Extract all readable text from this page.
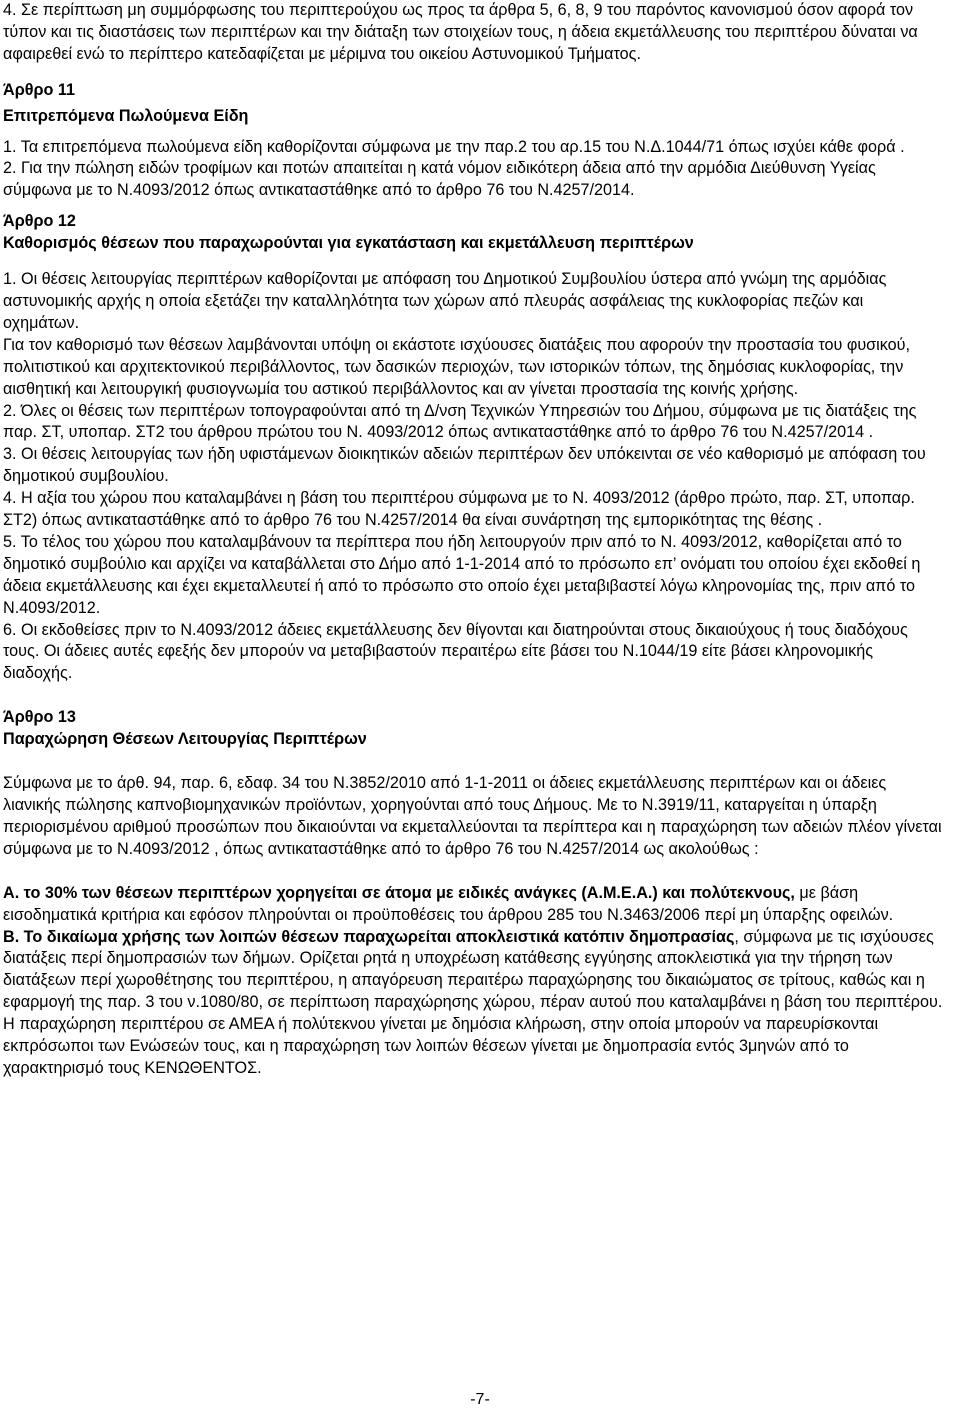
4. Σε περίπτωση μη συμμόρφωσης του περιπτερούχου ως προς τα άρθρα 5, 6, 8, 9 του παρόντος κανονισμού όσον αφορά τον τύπον και τις διαστάσεις των περιπτέρων και την διάταξη των στοιχείων τους, η άδεια εκμετάλλευσης του περιπτέρου δύναται να αφαιρεθεί ενώ το περίπτερο κατεδαφίζεται με μέριμνα του οικείου Αστυνομικού Τμήματος.

Άρθρο 11

Επιτρεπόμενα Πωλούμενα Είδη

1. Τα επιτρεπόμενα πωλούμενα είδη καθορίζονται σύμφωνα με την παρ.2 του αρ.15 του Ν.Δ.1044/71 όπως ισχύει κάθε φορά .

2. Για την πώληση ειδών τροφίμων και ποτών απαιτείται η κατά νόμον ειδικότερη άδεια από την αρμόδια Διεύθυνση Υγείας σύμφωνα με το Ν.4093/2012 όπως αντικαταστάθηκε από το άρθρο 76 του Ν.4257/2014.

Άρθρο 12

Καθορισμός θέσεων που παραχωρούνται για εγκατάσταση και εκμετάλλευση περιπτέρων

1. Οι θέσεις λειτουργίας περιπτέρων καθορίζονται με απόφαση του Δημοτικού Συμβουλίου ύστερα από γνώμη της αρμόδιας αστυνομικής αρχής η οποία εξετάζει την καταλληλότητα των χώρων από πλευράς ασφάλειας της κυκλοφορίας πεζών και οχημάτων.

Για τον καθορισμό των θέσεων λαμβάνονται υπόψη οι εκάστοτε ισχύουσες διατάξεις που αφορούν την προστασία του φυσικού, πολιτιστικού και αρχιτεκτονικού περιβάλλοντος, των δασικών περιοχών, των ιστορικών τόπων, της δημόσιας κυκλοφορίας, την αισθητική και λειτουργική φυσιογνωμία του αστικού περιβάλλοντος και αν γίνεται προστασία της κοινής χρήσης.

2. Όλες οι θέσεις των περιπτέρων τοπογραφούνται από τη Δ/νση Τεχνικών Υπηρεσιών του Δήμου, σύμφωνα με τις διατάξεις της παρ. ΣΤ, υποπαρ. ΣΤ2 του άρθρου πρώτου του Ν. 4093/2012 όπως αντικαταστάθηκε από το άρθρο 76 του Ν.4257/2014 .

3. Οι θέσεις λειτουργίας των ήδη υφιστάμενων διοικητικών αδειών περιπτέρων δεν υπόκεινται σε νέο καθορισμό με απόφαση του δημοτικού συμβουλίου.

4. Η αξία του χώρου που καταλαμβάνει η βάση του περιπτέρου σύμφωνα με το Ν. 4093/2012 (άρθρο πρώτο, παρ. ΣΤ, υποπαρ. ΣΤ2) όπως αντικαταστάθηκε από το άρθρο 76 του Ν.4257/2014 θα είναι συνάρτηση της εμπορικότητας της θέσης .

5. Το τέλος του χώρου που καταλαμβάνουν τα περίπτερα που ήδη λειτουργούν πριν από το Ν. 4093/2012, καθορίζεται από το δημοτικό συμβούλιο και αρχίζει να καταβάλλεται στο Δήμο από 1-1-2014 από το πρόσωπο επ’ ονόματι του οποίου έχει εκδοθεί η άδεια εκμετάλλευσης και έχει εκμεταλλευτεί ή από το πρόσωπο στο οποίο έχει μεταβιβαστεί λόγω κληρονομίας της, πριν από το Ν.4093/2012.

6. Οι εκδοθείσες πριν το Ν.4093/2012 άδειες εκμετάλλευσης δεν θίγονται και διατηρούνται στους δικαιούχους ή τους διαδόχους τους. Οι άδειες αυτές εφεξής δεν μπορούν να μεταβιβαστούν περαιτέρω είτε βάσει του Ν.1044/19 είτε βάσει κληρονομικής διαδοχής.

Άρθρο 13

Παραχώρηση Θέσεων Λειτουργίας Περιπτέρων

Σύμφωνα με το άρθ. 94, παρ. 6, εδαφ. 34 του Ν.3852/2010 από 1-1-2011 οι άδειες εκμετάλλευσης περιπτέρων και οι άδειες λιανικής πώλησης καπνοβιομηχανικών προϊόντων, χορηγούνται από τους Δήμους. Με το Ν.3919/11, καταργείται η ύπαρξη περιορισμένου αριθμού προσώπων που δικαιούνται να εκμεταλλεύονται τα περίπτερα και η παραχώρηση των αδειών πλέον γίνεται σύμφωνα με το Ν.4093/2012 , όπως αντικαταστάθηκε από το άρθρο 76 του Ν.4257/2014 ως ακολούθως :

Α. το 30% των θέσεων περιπτέρων χορηγείται σε άτομα με ειδικές ανάγκες (Α.Μ.Ε.Α.) και πολύτεκνους, με βάση εισοδηματικά κριτήρια και εφόσον πληρούνται οι προϋποθέσεις του άρθρου 285 του Ν.3463/2006 περί μη ύπαρξης οφειλών.

Β. Το δικαίωμα χρήσης των λοιπών θέσεων παραχωρείται αποκλειστικά κατόπιν δημοπρασίας, σύμφωνα με τις ισχύουσες διατάξεις περί δημοπρασιών των δήμων. Ορίζεται ρητά η υποχρέωση κατάθεσης εγγύησης αποκλειστικά για την τήρηση των διατάξεων περί χωροθέτησης του περιπτέρου, η απαγόρευση περαιτέρω παραχώρησης του δικαιώματος σε τρίτους, καθώς και η εφαρμογή της παρ. 3 του ν.1080/80, σε περίπτωση παραχώρησης χώρου, πέραν αυτού που καταλαμβάνει η βάση του περιπτέρου.

Η παραχώρηση περιπτέρου σε ΑΜΕΑ ή πολύτεκνου γίνεται με δημόσια κλήρωση, στην οποία μπορούν να παρευρίσκονται εκπρόσωποι των Ενώσεών τους, και η παραχώρηση των λοιπών θέσεων γίνεται με δημοπρασία εντός 3μηνών από το χαρακτηρισμό τους ΚΕΝΩΘΕΝΤΟΣ.

-7-
